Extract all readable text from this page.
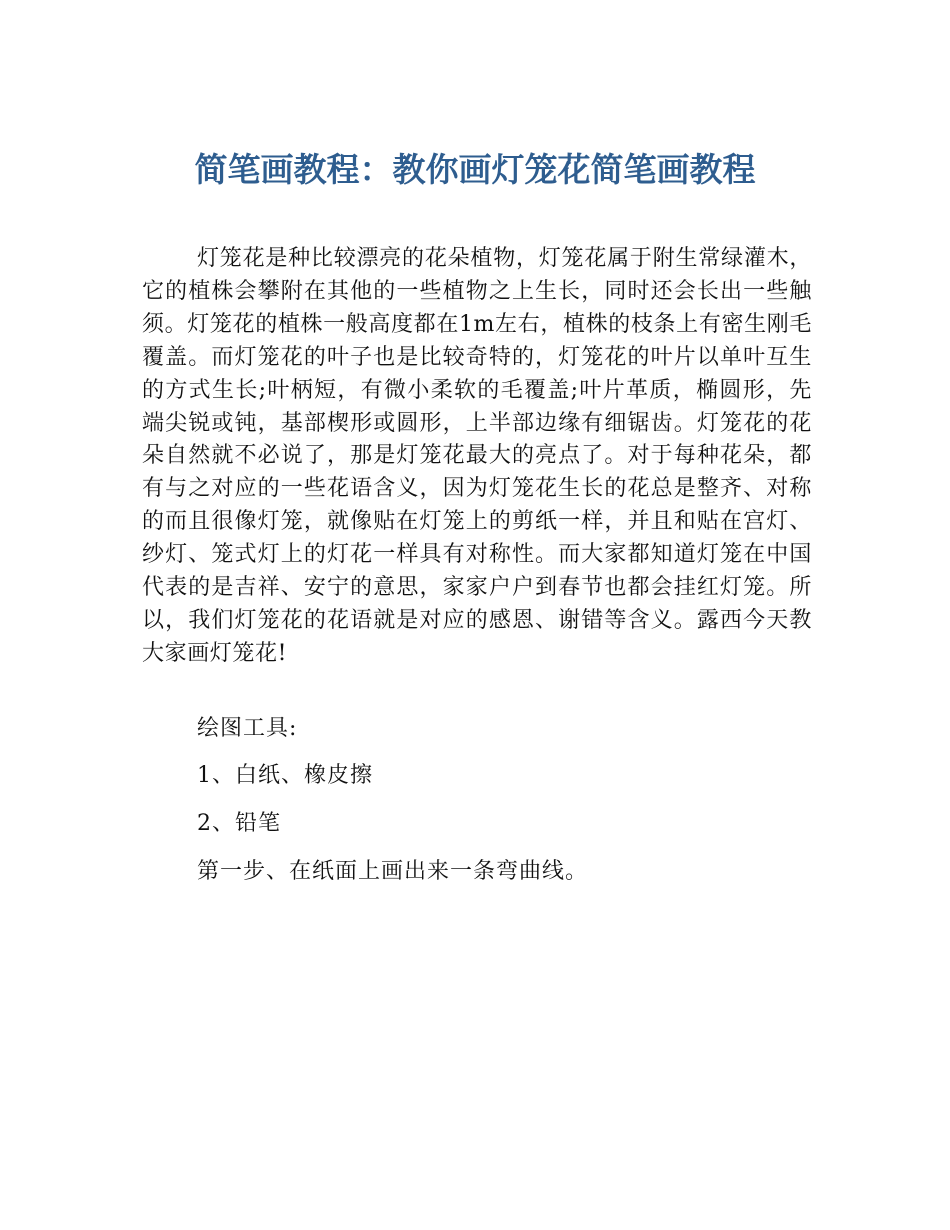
简笔画教程：教你画灯笼花简笔画教程

灯笼花是种比较漂亮的花朵植物，灯笼花属于附生常绿灌木，它的植株会攀附在其他的一些植物之上生长，同时还会长出一些触须。灯笼花的植株一般高度都在1m左右，植株的枝条上有密生刚毛覆盖。而灯笼花的叶子也是比较奇特的，灯笼花的叶片以单叶互生的方式生长;叶柄短，有微小柔软的毛覆盖;叶片革质，椭圆形，先端尖锐或钝，基部楔形或圆形，上半部边缘有细锯齿。灯笼花的花朵自然就不必说了，那是灯笼花最大的亮点了。对于每种花朵，都有与之对应的一些花语含义，因为灯笼花生长的花总是整齐、对称的而且很像灯笼，就像贴在灯笼上的剪纸一样，并且和贴在宫灯、纱灯、笼式灯上的灯花一样具有对称性。而大家都知道灯笼在中国代表的是吉祥、安宁的意思，家家户户到春节也都会挂红灯笼。所以，我们灯笼花的花语就是对应的感恩、谢错等含义。露西今天教大家画灯笼花!

绘图工具:

1、白纸、橡皮擦

2、铅笔

第一步、在纸面上画出来一条弯曲线。
